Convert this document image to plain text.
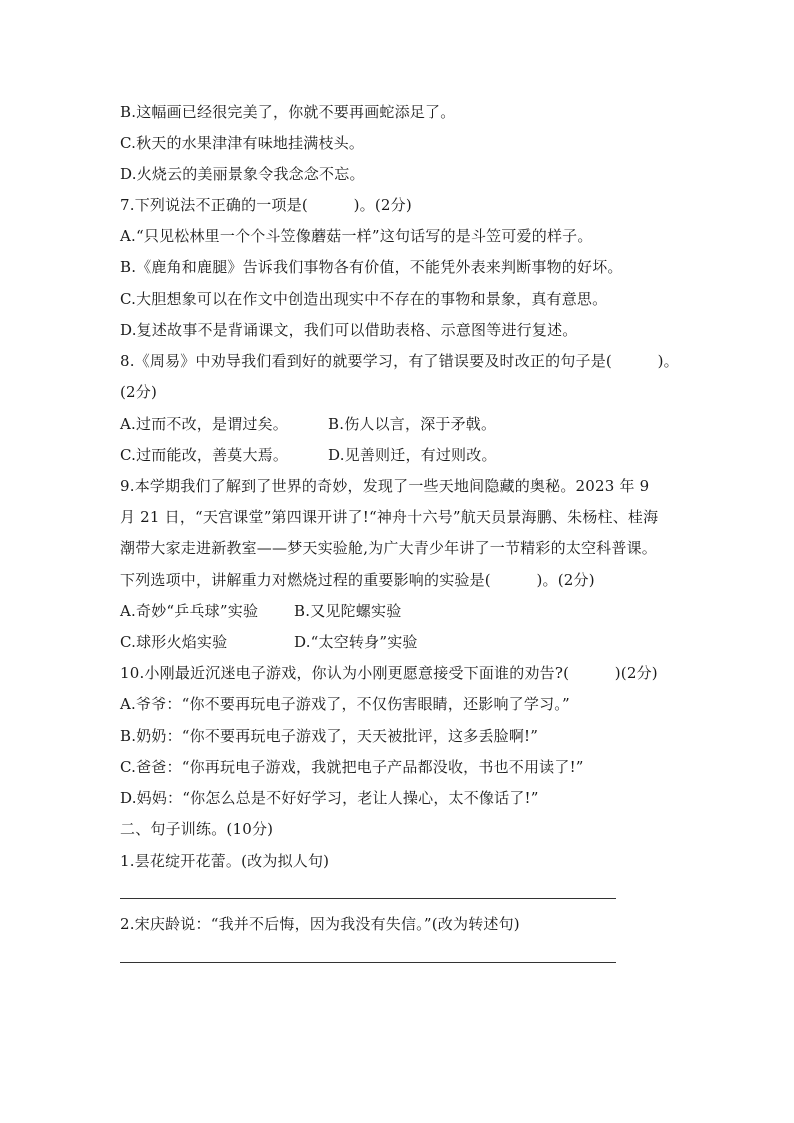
B.这幅画已经很完美了，你就不要再画蛇添足了。
C.秋天的水果津津有味地挂满枝头。
D.火烧云的美丽景象令我念念不忘。
7.下列说法不正确的一项是(　　　)。(2分)
A.“只见松林里一个个斗笠像蘑菇一样”这句话写的是斗笠可爱的样子。
B.《鹿角和鹿腿》告诉我们事物各有价值，不能凭外表来判断事物的好坏。
C.大胆想象可以在作文中创造出现实中不存在的事物和景象，真有意思。
D.复述故事不是背诵课文，我们可以借助表格、示意图等进行复述。
8.《周易》中劝导我们看到好的就要学习，有了错误要及时改正的句子是(　　　)。
(2分)
A.过而不改，是谓过矣。	B.伤人以言，深于矛戟。
C.过而能改，善莫大焉。	D.见善则迁，有过则改。
9.本学期我们了解到了世界的奇妙，发现了一些天地间隐藏的奥秘。2023 年 9
月 21 日，“天宫课堂”第四课开讲了!“神舟十六号”航天员景海鹏、朱杨柱、桂海
潮带大家走进新教室——梦天实验舱,为广大青少年讲了一节精彩的太空科普课。
下列选项中，讲解重力对燃烧过程的重要影响的实验是(　　　)。(2分)
A.奇妙“乒乓球”实验 B.又见陀螺实验
C.球形火焰实验	D.“太空转身”实验
10.小刚最近沉迷电子游戏，你认为小刚更愿意接受下面谁的劝告?(　　　)(2分)
A.爷爷：“你不要再玩电子游戏了，不仅伤害眼睛，还影响了学习。”
B.奶奶：“你不要再玩电子游戏了，天天被批评，这多丢脸啊!”
C.爸爸：“你再玩电子游戏，我就把电子产品都没收，书也不用读了!”
D.妈妈：“你怎么总是不好好学习，老让人操心，太不像话了!”
二、句子训练。(10分)
1.昙花绽开花蕾。(改为拟人句)
2.宋庆龄说：“我并不后悔，因为我没有失信。”(改为转述句)
